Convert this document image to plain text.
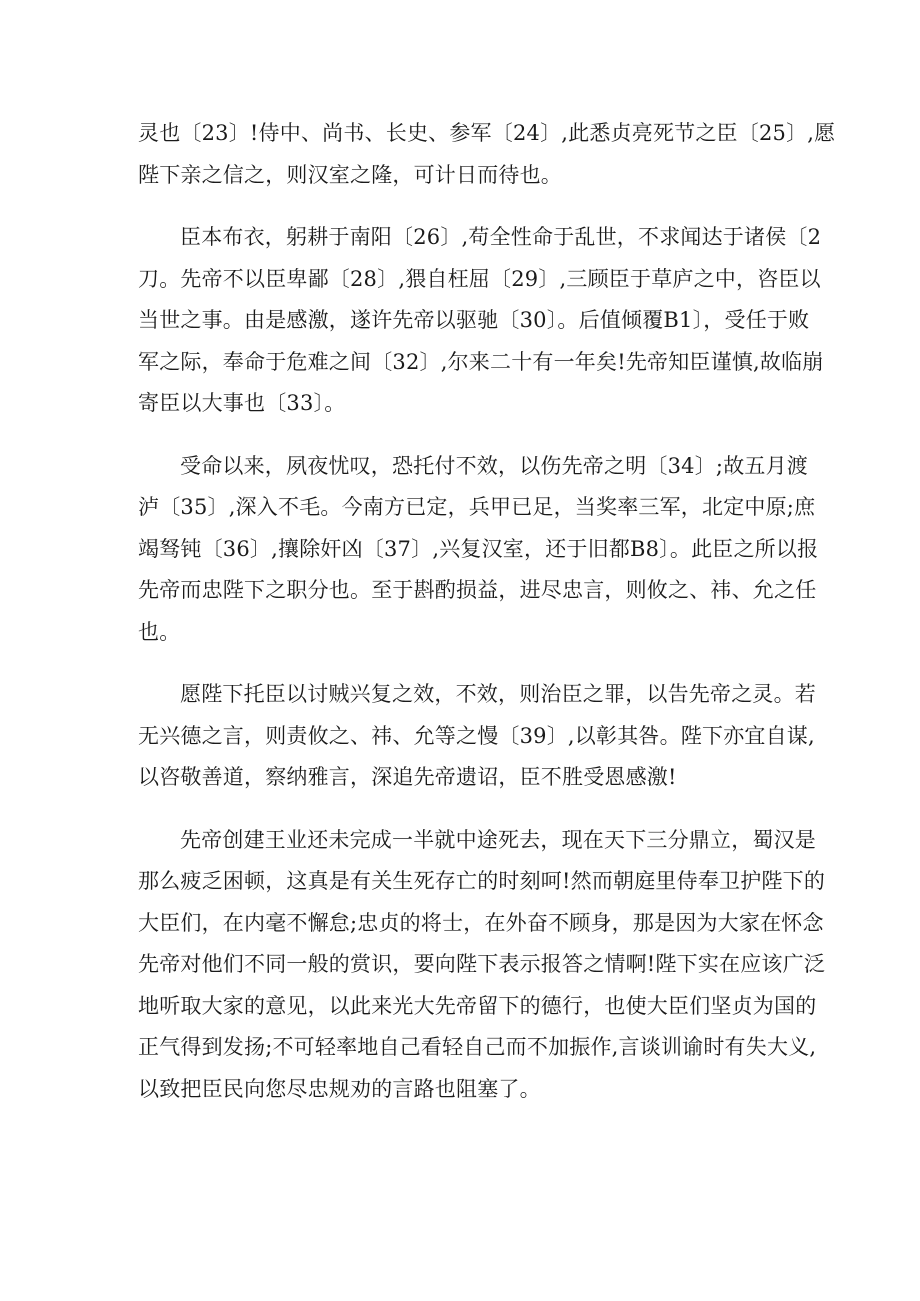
灵也〔23〕!侍中、尚书、长史、参军〔24〕,此悉贞亮死节之臣〔25〕,愿
陛下亲之信之，则汉室之隆，可计日而待也。
臣本布衣，躬耕于南阳〔26〕,苟全性命于乱世，不求闻达于诸侯〔2
刀。先帝不以臣卑鄙〔28〕,猥自枉屈〔29〕,三顾臣于草庐之中，咨臣以
当世之事。由是感激，遂许先帝以驱驰〔30〕。后值倾覆B1〕，受任于败
军之际，奉命于危难之间〔32〕,尔来二十有一年矣!先帝知臣谨慎,故临崩
寄臣以大事也〔33〕。
受命以来，夙夜忧叹，恐托付不效，以伤先帝之明〔34〕;故五月渡
泸〔35〕,深入不毛。今南方已定，兵甲已足，当奖率三军，北定中原;庶
竭驽钝〔36〕,攘除奸凶〔37〕,兴复汉室，还于旧都B8〕。此臣之所以报
先帝而忠陛下之职分也。至于斟酌损益，进尽忠言，则攸之、祎、允之任
也。
愿陛下托臣以讨贼兴复之效，不效，则治臣之罪，以告先帝之灵。若
无兴德之言，则责攸之、祎、允等之慢〔39〕,以彰其咎。陛下亦宜自谋,
以咨敬善道，察纳雅言，深追先帝遗诏，臣不胜受恩感激!
先帝创建王业还未完成一半就中途死去，现在天下三分鼎立，蜀汉是
那么疲乏困顿，这真是有关生死存亡的时刻呵!然而朝庭里侍奉卫护陛下的
大臣们，在内毫不懈怠;忠贞的将士，在外奋不顾身，那是因为大家在怀念
先帝对他们不同一般的赏识，要向陛下表示报答之情啊!陛下实在应该广泛
地听取大家的意见，以此来光大先帝留下的德行，也使大臣们坚贞为国的
正气得到发扬;不可轻率地自己看轻自己而不加振作,言谈训谕时有失大义,
以致把臣民向您尽忠规劝的言路也阻塞了。
